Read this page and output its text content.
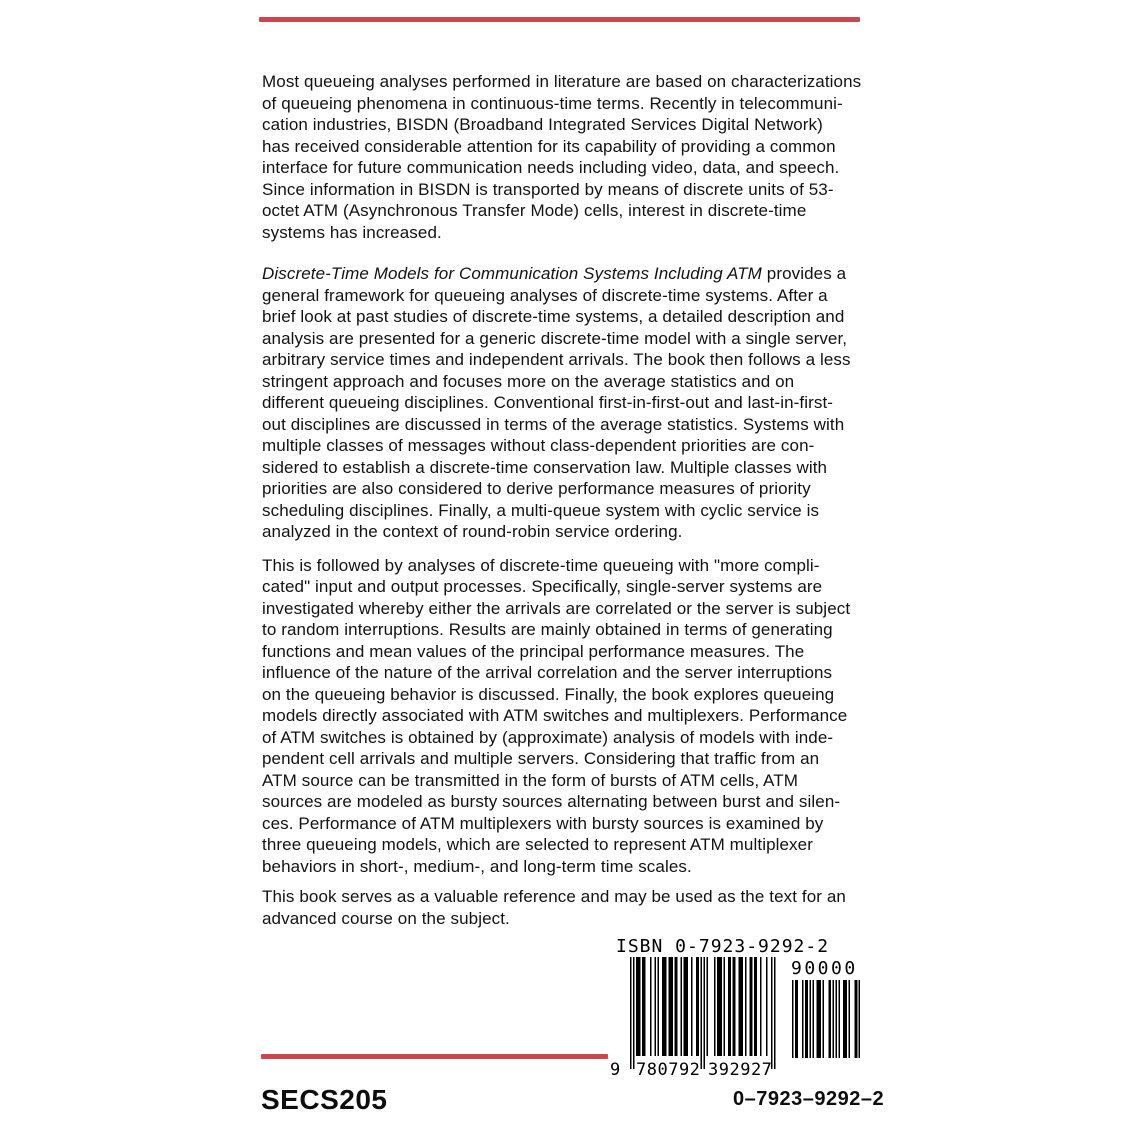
Most queueing analyses performed in literature are based on characterizations
of queueing phenomena in continuous-time terms. Recently in telecommuni-
cation industries, BISDN (Broadband Integrated Services Digital Network)
has received considerable attention for its capability of providing a common
interface for future communication needs including video, data, and speech.
Since information in BISDN is transported by means of discrete units of 53-
octet ATM (Asynchronous Transfer Mode) cells, interest in discrete-time
systems has increased.
Discrete-Time Models for Communication Systems Including ATM provides a
general framework for queueing analyses of discrete-time systems. After a
brief look at past studies of discrete-time systems, a detailed description and
analysis are presented for a generic discrete-time model with a single server,
arbitrary service times and independent arrivals. The book then follows a less
stringent approach and focuses more on the average statistics and on
different queueing disciplines. Conventional first-in-first-out and last-in-first-
out disciplines are discussed in terms of the average statistics. Systems with
multiple classes of messages without class-dependent priorities are con-
sidered to establish a discrete-time conservation law. Multiple classes with
priorities are also considered to derive performance measures of priority
scheduling disciplines. Finally, a multi-queue system with cyclic service is
analyzed in the context of round-robin service ordering.
This is followed by analyses of discrete-time queueing with "more compli-
cated" input and output processes. Specifically, single-server systems are
investigated whereby either the arrivals are correlated or the server is subject
to random interruptions. Results are mainly obtained in terms of generating
functions and mean values of the principal performance measures. The
influence of the nature of the arrival correlation and the server interruptions
on the queueing behavior is discussed. Finally, the book explores queueing
models directly associated with ATM switches and multiplexers. Performance
of ATM switches is obtained by (approximate) analysis of models with inde-
pendent cell arrivals and multiple servers. Considering that traffic from an
ATM source can be transmitted in the form of bursts of ATM cells, ATM
sources are modeled as bursty sources alternating between burst and silen-
ces. Performance of ATM multiplexers with bursty sources is examined by
three queueing models, which are selected to represent ATM multiplexer
behaviors in short-, medium-, and long-term time scales.
This book serves as a valuable reference and may be used as the text for an
advanced course on the subject.
ISBN 0-7923-9292-2
90000
9 780792 392927
SECS205	0–7923–9292–2
